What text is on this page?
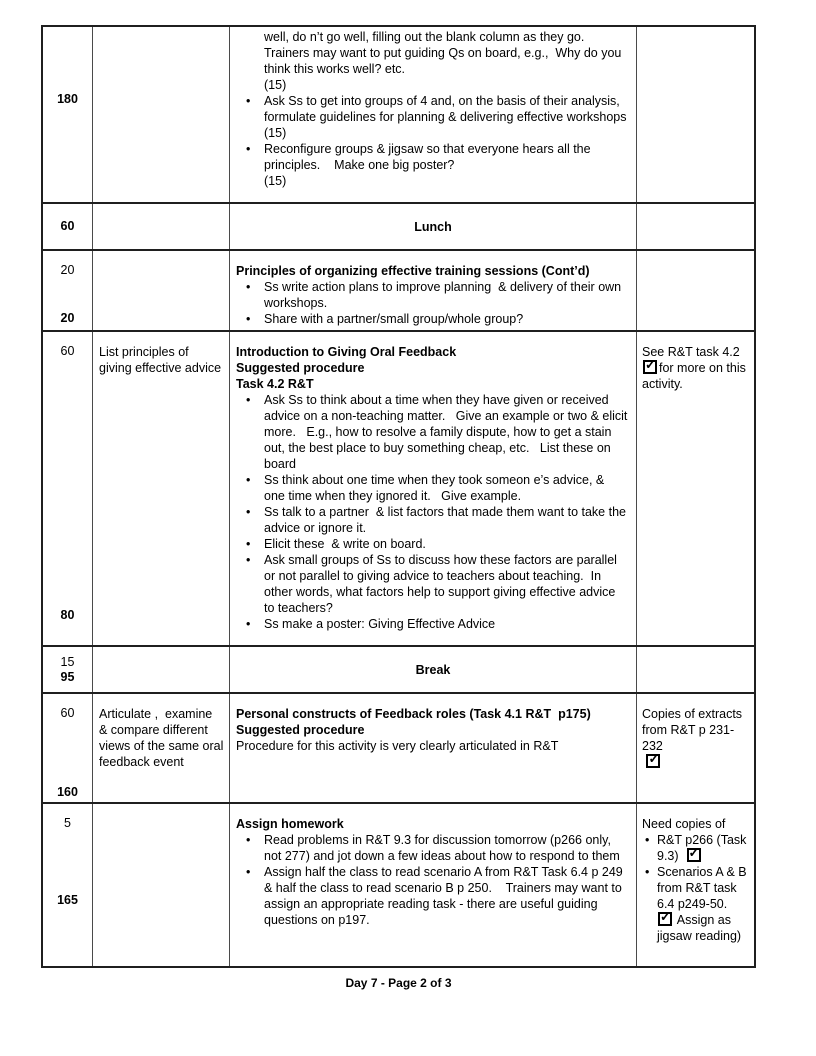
180
well, do n’t go well, filling out the blank column as they go. Trainers may want to put guiding Qs on board, e.g.,  Why do you think this works well? etc.
(15)
• Ask Ss to get into groups of 4 and, on the basis of their analysis, formulate guidelines for planning & delivering effective workshops
(15)
• Reconfigure groups & jigsaw so that everyone hears all the principles.    Make one big poster?
(15)
60	Lunch
20
20
Principles of organizing effective training sessions (Cont’d)
• Ss write action plans to improve planning  & delivery of their own workshops.
• Share with a partner/small group/whole group?
60
80
List principles of giving effective advice
Introduction to Giving Oral Feedback
Suggested procedure
Task 4.2 R&T
• Ask Ss to think about a time when they have given or received advice on a non-teaching matter.   Give an example or two & elicit more.   E.g., how to resolve a family dispute, how to get a stain out, the best place to buy something cheap, etc.   List these on board
• Ss think about one time when they took someon e’s advice, & one time when they ignored it.   Give example.
• Ss talk to a partner  & list factors that made them want to take the advice or ignore it.
• Elicit these  & write on board.
• Ask small groups of Ss to discuss how these factors are parallel or not parallel to giving advice to teachers about teaching.  In other words, what factors help to support giving effective advice to teachers?
• Ss make a poster: Giving Effective Advice
See R&T task 4.2   ✓for more on this activity.
15
95	Break
60
160
Articulate ,  examine & compare different views of the same oral feedback event
Personal constructs of Feedback roles (Task 4.1 R&T  p175)
Suggested procedure
Procedure for this activity is very clearly articulated in R&T
Copies of extracts from R&T p 231-232
✓
5
165
Assign homework
• Read problems in R&T 9.3 for discussion tomorrow (p266 only, not 277) and jot down a few ideas about how to respond to them
• Assign half the class to read scenario A from R&T Task 6.4 p 249 & half the class to read scenario B p 250.    Trainers may want to assign an appropriate reading task - there are useful guiding questions on p197.
Need copies of
• R&T p266 (Task 9.3)   ✓
• Scenarios A & B from R&T task 6.4 p249-50.   ✓ Assign as jigsaw reading)
Day 7 - Page 2 of 3
